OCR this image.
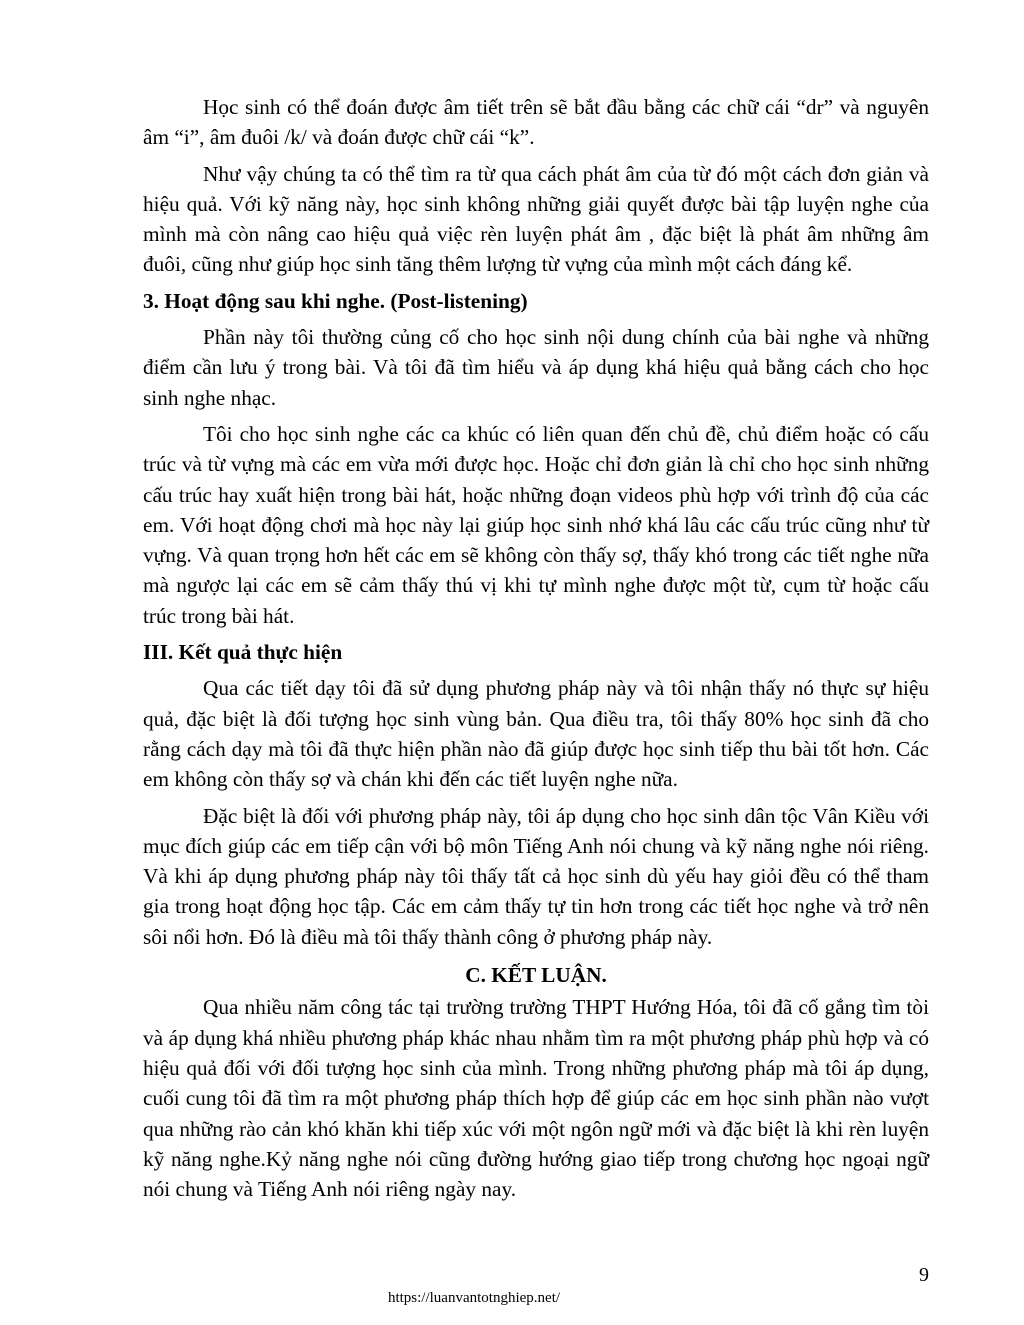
Học sinh có thể đoán được âm tiết trên sẽ bắt đầu bằng các chữ cái “dr” và nguyên âm “i”, âm đuôi /k/ và đoán được chữ cái “k”.

Như vậy chúng ta có thể tìm ra từ qua cách phát âm của từ đó một cách đơn giản và hiệu quả. Với kỹ năng này, học sinh không những giải quyết được bài tập luyện nghe của mình mà còn nâng cao hiệu quả việc rèn luyện phát âm , đặc biệt là phát âm những âm đuôi, cũng như giúp học sinh tăng thêm lượng từ vựng của mình một cách đáng kể.

3. Hoạt động sau khi nghe. (Post-listening)

Phần này tôi thường củng cố cho học sinh nội dung chính của bài nghe và những điểm cần lưu ý trong bài. Và tôi đã tìm hiểu và áp dụng khá hiệu quả bằng cách cho học sinh nghe nhạc.

Tôi cho học sinh nghe các ca khúc có liên quan đến chủ đề, chủ điểm hoặc có cấu trúc và từ vựng mà các em vừa mới được học. Hoặc chỉ đơn giản là chỉ cho học sinh những cấu trúc hay xuất hiện trong bài hát, hoặc những đoạn videos phù hợp với trình độ của các em. Với hoạt động chơi mà học này lại giúp học sinh nhớ khá lâu các cấu trúc cũng như từ vựng. Và quan trọng hơn hết các em sẽ không còn thấy sợ, thấy khó trong các tiết nghe nữa mà ngược lại các em sẽ cảm thấy thú vị khi tự mình nghe được một từ, cụm từ hoặc cấu trúc trong bài hát.

III. Kết quả thực hiện

Qua các tiết dạy tôi đã sử dụng phương pháp này và tôi nhận thấy nó thực sự hiệu quả, đặc biệt là đối tượng học sinh vùng bản. Qua điều tra, tôi thấy 80% học sinh đã cho rằng cách dạy mà tôi đã thực hiện phần nào đã giúp được học sinh tiếp thu bài tốt hơn. Các em không còn thấy sợ và chán khi đến các tiết luyện nghe nữa.

Đặc biệt là đối với phương pháp này, tôi áp dụng cho học sinh dân tộc Vân Kiều với mục đích giúp các em tiếp cận với bộ môn Tiếng Anh nói chung và kỹ năng nghe nói riêng. Và khi áp dụng phương pháp này tôi thấy tất cả học sinh dù yếu hay giỏi đều có thể tham gia trong hoạt động học tập. Các em cảm thấy tự tin hơn trong các tiết học nghe và trở nên sôi nổi hơn. Đó là điều mà tôi thấy thành công ở phương pháp này.

C. KẾT LUẬN.

Qua nhiều năm công tác tại trường trường THPT Hướng Hóa, tôi đã cố gắng tìm tòi và áp dụng khá nhiều phương pháp khác nhau nhằm tìm ra một phương pháp phù hợp và có hiệu quả đối với đối tượng học sinh của mình. Trong những phương pháp mà tôi áp dụng, cuối cung tôi đã tìm ra một phương pháp thích hợp để giúp các em học sinh phần nào vượt qua những rào cản khó khăn khi tiếp xúc với một ngôn ngữ mới và đặc biệt là khi rèn luyện kỹ năng nghe.Kỷ năng nghe nói cũng đường hướng giao tiếp trong chương học ngoại ngữ nói chung và Tiếng Anh nói riêng ngày nay.

9
https://luanvantotnghiep.net/
